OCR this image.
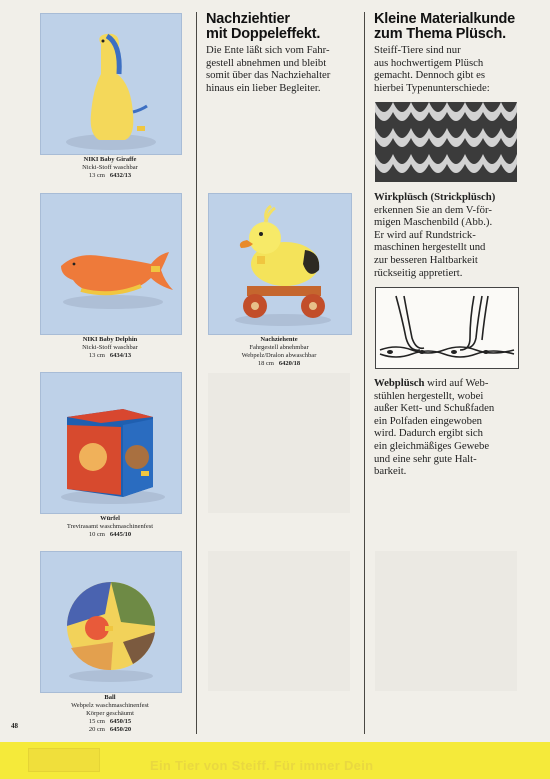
NIKI Baby Giraffe
Nicki-Stoff waschbar
13 cm 6432/13
NIKI Baby Delphin
Nicki-Stoff waschbar
13 cm 6434/13
Würfel
Trevirasamt waschmaschinenfest
10 cm 6445/10
Ball
Webpelz waschmaschinenfest
Körper geschäumt
15 cm 6450/15
20 cm 6450/20
Nachziehtier
mit Doppeleffekt.
Die Ente läßt sich vom Fahr-
gestell abnehmen und bleibt
somit über das Nachziehalter
hinaus ein lieber Begleiter.
Nachziehente
Fahrgestell abnehmbar
Webpelz/Dralon abwaschbar
18 cm 6420/18
Kleine Materialkunde
zum Thema Plüsch.
Steiff-Tiere sind nur
aus hochwertigem Plüsch
gemacht. Dennoch gibt es
hierbei Typenunterschiede:
Wirkplüsch (Strickplüsch)
erkennen Sie an dem V-för-
migen Maschenbild (Abb.).
Er wird auf Rundstrick-
maschinen hergestellt und
zur besseren Haltbarkeit
rückseitig appretiert.
Webplüsch wird auf Web-
stühlen hergestellt, wobei
außer Kett- und Schußfaden
ein Polfaden eingewoben
wird. Dadurch ergibt sich
ein gleichmäßiges Gewebe
und eine sehr gute Halt-
barkeit.
48
Ein Tier von Steiff. Für immer Dein
